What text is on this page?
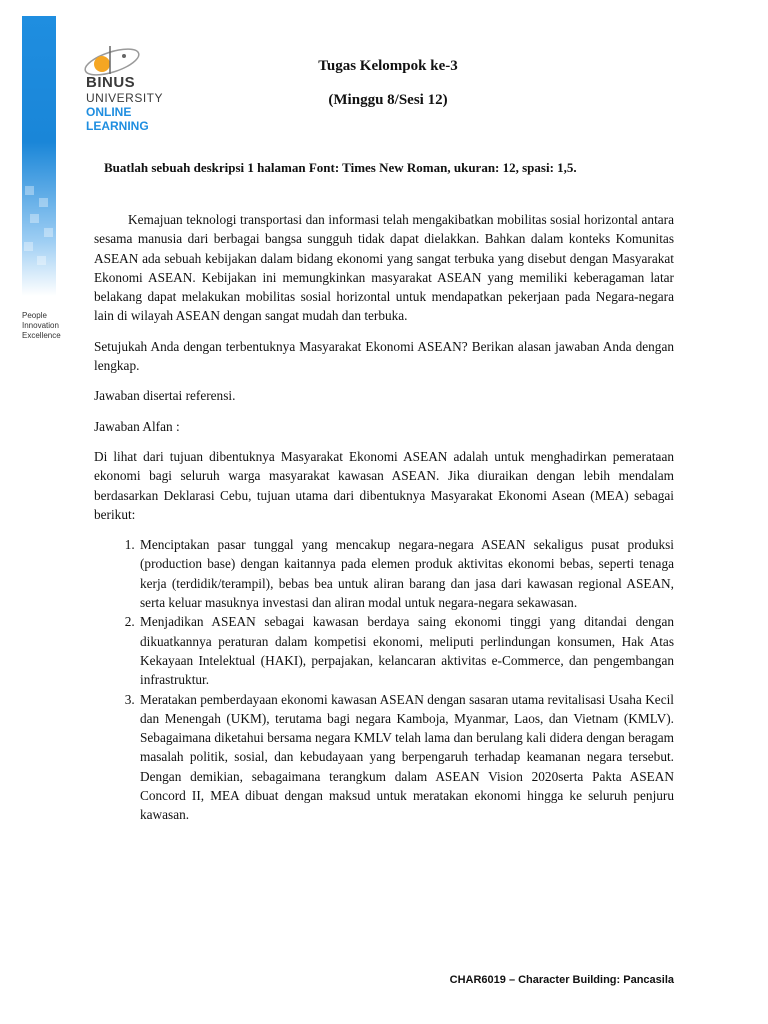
People
Innovation
Excellence
BINUS
UNIVERSITY
ONLINE
LEARNING
Tugas Kelompok ke-3
(Minggu 8/Sesi 12)
Buatlah sebuah deskripsi 1 halaman Font: Times New Roman, ukuran: 12, spasi: 1,5.

Kemajuan teknologi transportasi dan informasi telah mengakibatkan mobilitas sosial horizontal antara sesama manusia dari berbagai bangsa sungguh tidak dapat dielakkan. Bahkan dalam konteks Komunitas ASEAN ada sebuah kebijakan dalam bidang ekonomi yang sangat terbuka yang disebut dengan Masyarakat Ekonomi ASEAN. Kebijakan ini memungkinkan masyarakat ASEAN yang memiliki keberagaman latar belakang dapat melakukan mobilitas sosial horizontal untuk mendapatkan pekerjaan pada Negara-negara lain di wilayah ASEAN dengan sangat mudah dan terbuka.

Setujukah Anda dengan terbentuknya Masyarakat Ekonomi ASEAN? Berikan alasan jawaban Anda dengan lengkap.

Jawaban disertai referensi.

Jawaban Alfan :

Di lihat dari tujuan dibentuknya Masyarakat Ekonomi ASEAN adalah untuk menghadirkan pemerataan ekonomi bagi seluruh warga masyarakat kawasan ASEAN. Jika diuraikan dengan lebih mendalam berdasarkan Deklarasi Cebu, tujuan utama dari dibentuknya Masyarakat Ekonomi Asean (MEA) sebagai berikut:

1. Menciptakan pasar tunggal yang mencakup negara-negara ASEAN sekaligus pusat produksi (production base) dengan kaitannya pada elemen produk aktivitas ekonomi bebas, seperti tenaga kerja (terdidik/terampil), bebas bea untuk aliran barang dan jasa dari kawasan regional ASEAN, serta keluar masuknya investasi dan aliran modal untuk negara-negara sekawasan.
2. Menjadikan ASEAN sebagai kawasan berdaya saing ekonomi tinggi yang ditandai dengan dikuatkannya peraturan dalam kompetisi ekonomi, meliputi perlindungan konsumen, Hak Atas Kekayaan Intelektual (HAKI), perpajakan, kelancaran aktivitas e-Commerce, dan pengembangan infrastruktur.
3. Meratakan pemberdayaan ekonomi kawasan ASEAN dengan sasaran utama revitalisasi Usaha Kecil dan Menengah (UKM), terutama bagi negara Kamboja, Myanmar, Laos, dan Vietnam (KMLV). Sebagaimana diketahui bersama negara KMLV telah lama dan berulang kali didera dengan beragam masalah politik, sosial, dan kebudayaan yang berpengaruh terhadap keamanan negara tersebut. Dengan demikian, sebagaimana terangkum dalam ASEAN Vision 2020serta Pakta ASEAN Concord II, MEA dibuat dengan maksud untuk meratakan ekonomi hingga ke seluruh penjuru kawasan.
CHAR6019 – Character Building: Pancasila
